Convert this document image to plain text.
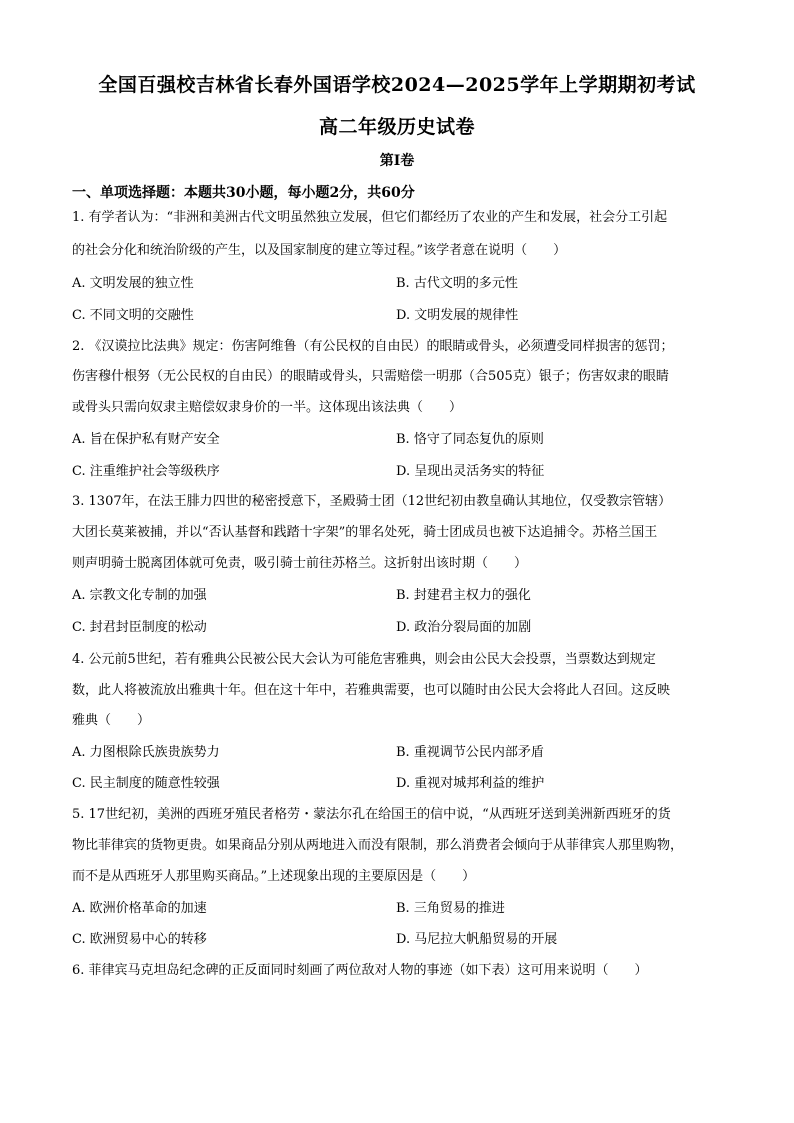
全国百强校吉林省长春外国语学校2024—2025学年上学期期初考试
高二年级历史试卷
第Ⅰ卷
一、单项选择题：本题共30小题，每小题2分，共60分
1. 有学者认为：“非洲和美洲古代文明虽然独立发展，但它们都经历了农业的产生和发展，社会分工引起
的社会分化和统治阶级的产生，以及国家制度的建立等过程。”该学者意在说明（　　）
A. 文明发展的独立性	B. 古代文明的多元性
C. 不同文明的交融性	D. 文明发展的规律性
2. 《汉谟拉比法典》规定：伤害阿维鲁（有公民权的自由民）的眼睛或骨头，必须遭受同样损害的惩罚；
伤害穆什根努（无公民权的自由民）的眼睛或骨头，只需赔偿一明那（合505克）银子；伤害奴隶的眼睛
或骨头只需向奴隶主赔偿奴隶身价的一半。这体现出该法典（　　）
A. 旨在保护私有财产安全	B. 恪守了同态复仇的原则
C. 注重维护社会等级秩序	D. 呈现出灵活务实的特征
3. 1307年，在法王腓力四世的秘密授意下，圣殿骑士团（12世纪初由教皇确认其地位，仅受教宗管辖）
大团长莫莱被捕，并以“否认基督和践踏十字架”的罪名处死，骑士团成员也被下达追捕令。苏格兰国王
则声明骑士脱离团体就可免责，吸引骑士前往苏格兰。这折射出该时期（　　）
A. 宗教文化专制的加强	B. 封建君主权力的强化
C. 封君封臣制度的松动	D. 政治分裂局面的加剧
4. 公元前5世纪，若有雅典公民被公民大会认为可能危害雅典，则会由公民大会投票，当票数达到规定
数，此人将被流放出雅典十年。但在这十年中，若雅典需要，也可以随时由公民大会将此人召回。这反映
雅典（　　）
A. 力图根除氏族贵族势力	B. 重视调节公民内部矛盾
C. 民主制度的随意性较强	D. 重视对城邦利益的维护
5. 17世纪初，美洲的西班牙殖民者格劳・蒙法尔孔在给国王的信中说，“从西班牙送到美洲新西班牙的货
物比菲律宾的货物更贵。如果商品分别从两地进入而没有限制，那么消费者会倾向于从菲律宾人那里购物，
而不是从西班牙人那里购买商品。”上述现象出现的主要原因是（　　）
A. 欧洲价格革命的加速	B. 三角贸易的推进
C. 欧洲贸易中心的转移	D. 马尼拉大帆船贸易的开展
6. 菲律宾马克坦岛纪念碑的正反面同时刻画了两位敌对人物的事迹（如下表）这可用来说明（　　）
